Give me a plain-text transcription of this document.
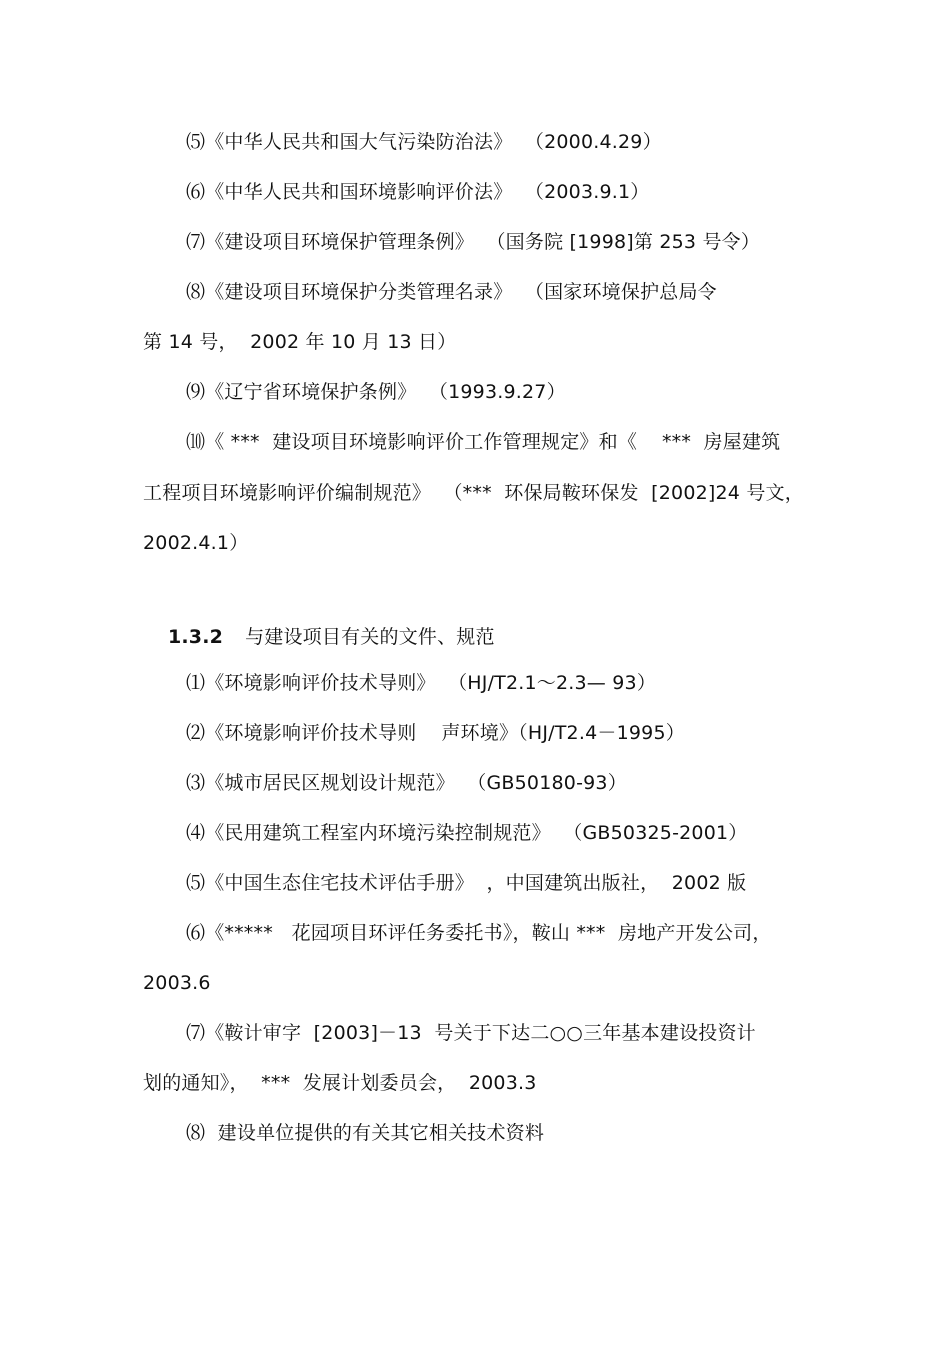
⑸《中华人民共和国大气污染防治法》  （2000.4.29）
⑹《中华人民共和国环境影响评价法》  （2003.9.1）
⑺《建设项目环境保护管理条例》  （国务院 [1998]第 253 号令）
⑻《建设项目环境保护分类管理名录》  （国家环境保护总局令
第 14 号，  2002 年 10 月 13 日）
⑼《辽宁省环境保护条例》  （1993.9.27）
⑽《 ***  建设项目环境影响评价工作管理规定》和《    ***  房屋建筑
工程项目环境影响评价编制规范》  （***  环保局鞍环保发  [2002]24 号文，
2002.4.1）

1.3.2 与建设项目有关的文件、规范

⑴《环境影响评价技术导则》  （HJ/T2.1～2.3— 93）
⑵《环境影响评价技术导则    声环境》（HJ/T2.4－1995）
⑶《城市居民区规划设计规范》  （GB50180-93）
⑷《民用建筑工程室内环境污染控制规范》  （GB50325-2001）
⑸《中国生态住宅技术评估手册》  ，中国建筑出版社，  2002 版
⑹《*****   花园项目环评任务委托书》，鞍山 ***  房地产开发公司，
2003.6
⑺《鞍计审字  [2003]－13  号关于下达二○○三年基本建设投资计
划的通知》，  ***  发展计划委员会，  2003.3
⑻  建设单位提供的有关其它相关技术资料
